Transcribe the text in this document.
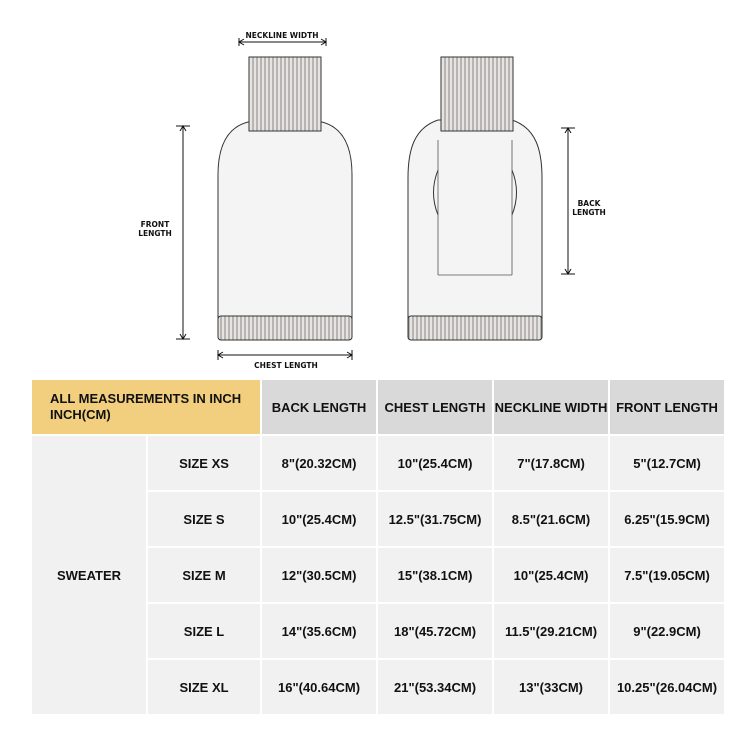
NECKLINE WIDTH
FRONT
LENGTH
CHEST LENGTH
BACK
LENGTH
ALL MEASUREMENTS IN INCH INCH(CM)		BACK LENGTH	CHEST LENGTH	NECKLINE WIDTH	FRONT LENGTH
SWEATER	SIZE XS	8"(20.32CM)	10"(25.4CM)	7"(17.8CM)	5"(12.7CM)
	SIZE S	10"(25.4CM)	12.5"(31.75CM)	8.5"(21.6CM)	6.25"(15.9CM)
	SIZE M	12"(30.5CM)	15"(38.1CM)	10"(25.4CM)	7.5"(19.05CM)
	SIZE L	14"(35.6CM)	18"(45.72CM)	11.5"(29.21CM)	9"(22.9CM)
	SIZE XL	16"(40.64CM)	21"(53.34CM)	13"(33CM)	10.25"(26.04CM)
